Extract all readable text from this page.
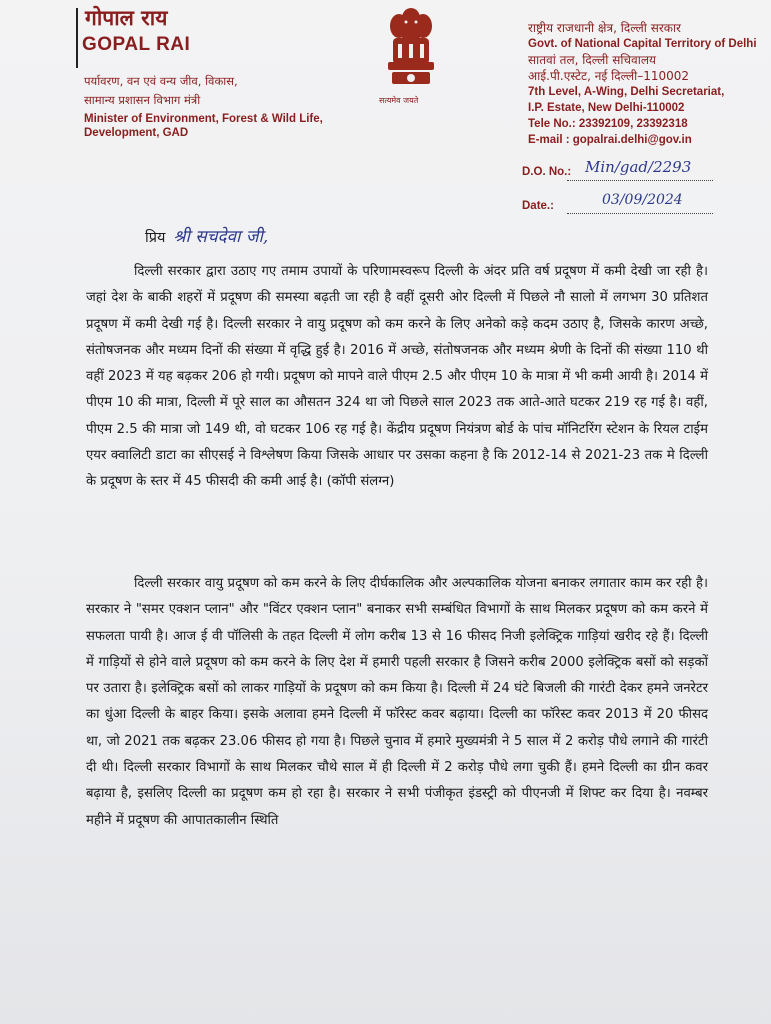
गोपाल राय
GOPAL RAI
पर्यावरण, वन एवं वन्य जीव, विकास,
सामान्य प्रशासन विभाग मंत्री
Minister of Environment, Forest & Wild Life,
Development, GAD
सत्यमेव जयते
राष्ट्रीय राजधानी क्षेत्र, दिल्ली सरकार
Govt. of National Capital Territory of Delhi
सातवां तल, दिल्ली सचिवालय
आई.पी.एस्टेट, नई दिल्ली–110002
7th Level, A-Wing, Delhi Secretariat,
I.P. Estate, New Delhi-110002
Tele No.: 23392109, 23392318
E-mail : gopalrai.delhi@gov.in
D.O. No.: Min/gad/2293
Date.:	03/09/2024
प्रिय श्री सचदेवा जी,
दिल्ली सरकार द्वारा उठाए गए तमाम उपायों के परिणामस्वरूप दिल्ली के अंदर प्रति वर्ष प्रदूषण में कमी देखी जा रही है। जहां देश के बाकी शहरों में प्रदूषण की समस्या बढ़ती जा रही है वहीं दूसरी ओर दिल्ली में पिछले नौ सालो में लगभग 30 प्रतिशत प्रदूषण में कमी देखी गई है। दिल्ली सरकार ने वायु प्रदूषण को कम करने के लिए अनेको कड़े कदम उठाए है, जिसके कारण अच्छे, संतोषजनक और मध्यम दिनों की संख्या में वृद्धि हुई है। 2016 में अच्छे, संतोषजनक और मध्यम श्रेणी के दिनों की संख्या 110 थी वहीं 2023 में यह बढ़कर 206 हो गयी। प्रदूषण को मापने वाले पीएम 2.5 और पीएम 10 के मात्रा में भी कमी आयी है। 2014 में पीएम 10 की मात्रा, दिल्ली में पूरे साल का औसतन 324 था जो पिछले साल 2023 तक आते-आते घटकर 219 रह गई है। वहीं, पीएम 2.5 की मात्रा जो 149 थी, वो घटकर 106 रह गई है। केंद्रीय प्रदूषण नियंत्रण बोर्ड के पांच मॉनिटरिंग स्टेशन के रियल टाईम एयर क्वालिटी डाटा का सीएसई ने विश्लेषण किया जिसके आधार पर उसका कहना है कि 2012-14 से 2021-23 तक मे दिल्ली के प्रदूषण के स्तर में 45 फीसदी की कमी आई है। (कॉपी संलग्न)
दिल्ली सरकार वायु प्रदूषण को कम करने के लिए दीर्घकालिक और अल्पकालिक योजना बनाकर लगातार काम कर रही है। सरकार ने "समर एक्शन प्लान" और "विंटर एक्शन प्लान" बनाकर सभी सम्बंधित विभागों के साथ मिलकर प्रदूषण को कम करने में सफलता पायी है। आज ई वी पॉलिसी के तहत दिल्ली में लोग करीब 13 से 16 फीसद निजी इलेक्ट्रिक गाड़ियां खरीद रहे हैं। दिल्ली में गाड़ियों से होने वाले प्रदूषण को कम करने के लिए देश में हमारी पहली सरकार है जिसने करीब 2000 इलेक्ट्रिक बसों को सड़कों पर उतारा है। इलेक्ट्रिक बसों को लाकर गाड़ियों के प्रदूषण को कम किया है। दिल्ली में 24 घंटे बिजली की गारंटी देकर हमने जनरेटर का धुंआ दिल्ली के बाहर किया। इसके अलावा हमने दिल्ली में फॉरेस्ट कवर बढ़ाया। दिल्ली का फॉरेस्ट कवर 2013 में 20 फीसद था, जो 2021 तक बढ़कर 23.06 फीसद हो गया है। पिछले चुनाव में हमारे मुख्यमंत्री ने 5 साल में 2 करोड़ पौधे लगाने की गारंटी दी थी। दिल्ली सरकार विभागों के साथ मिलकर चौथे साल में ही दिल्ली में 2 करोड़ पौधे लगा चुकी हैं। हमने दिल्ली का ग्रीन कवर बढ़ाया है, इसलिए दिल्ली का प्रदूषण कम हो रहा है। सरकार ने सभी पंजीकृत इंडस्ट्री को पीएनजी में शिफ्ट कर दिया है। नवम्बर महीने में प्रदूषण की आपातकालीन स्थिति
